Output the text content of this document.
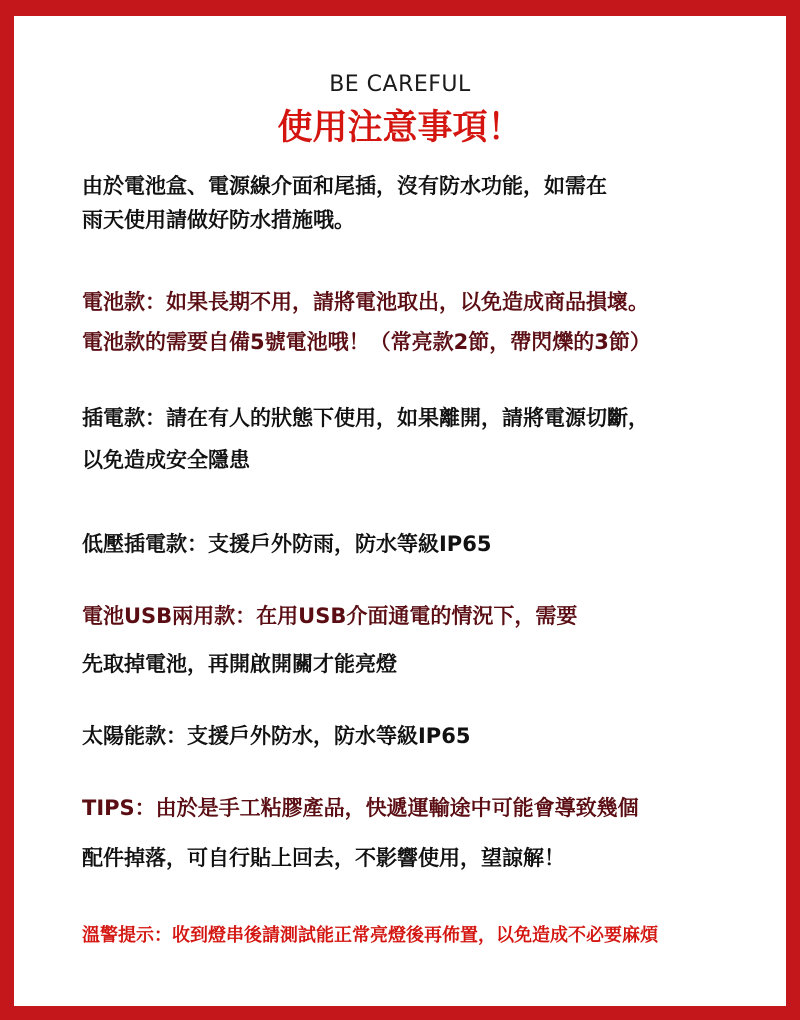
BE CAREFUL
使用注意事項！
由於電池盒、電源線介面和尾插，沒有防水功能，如需在
雨天使用請做好防水措施哦。
電池款：如果長期不用，請將電池取出，以免造成商品損壞。
電池款的需要自備5號電池哦！（常亮款2節，帶閃爍的3節）
插電款：請在有人的狀態下使用，如果離開，請將電源切斷，
以免造成安全隱患
低壓插電款：支援戶外防雨，防水等級IP65
電池USB兩用款：在用USB介面通電的情況下，需要
先取掉電池，再開啟開關才能亮燈
太陽能款：支援戶外防水，防水等級IP65
TIPS：由於是手工粘膠產品，快遞運輸途中可能會導致幾個
配件掉落，可自行貼上回去，不影響使用，望諒解！
溫警提示：收到燈串後請測試能正常亮燈後再佈置，以免造成不必要麻煩
